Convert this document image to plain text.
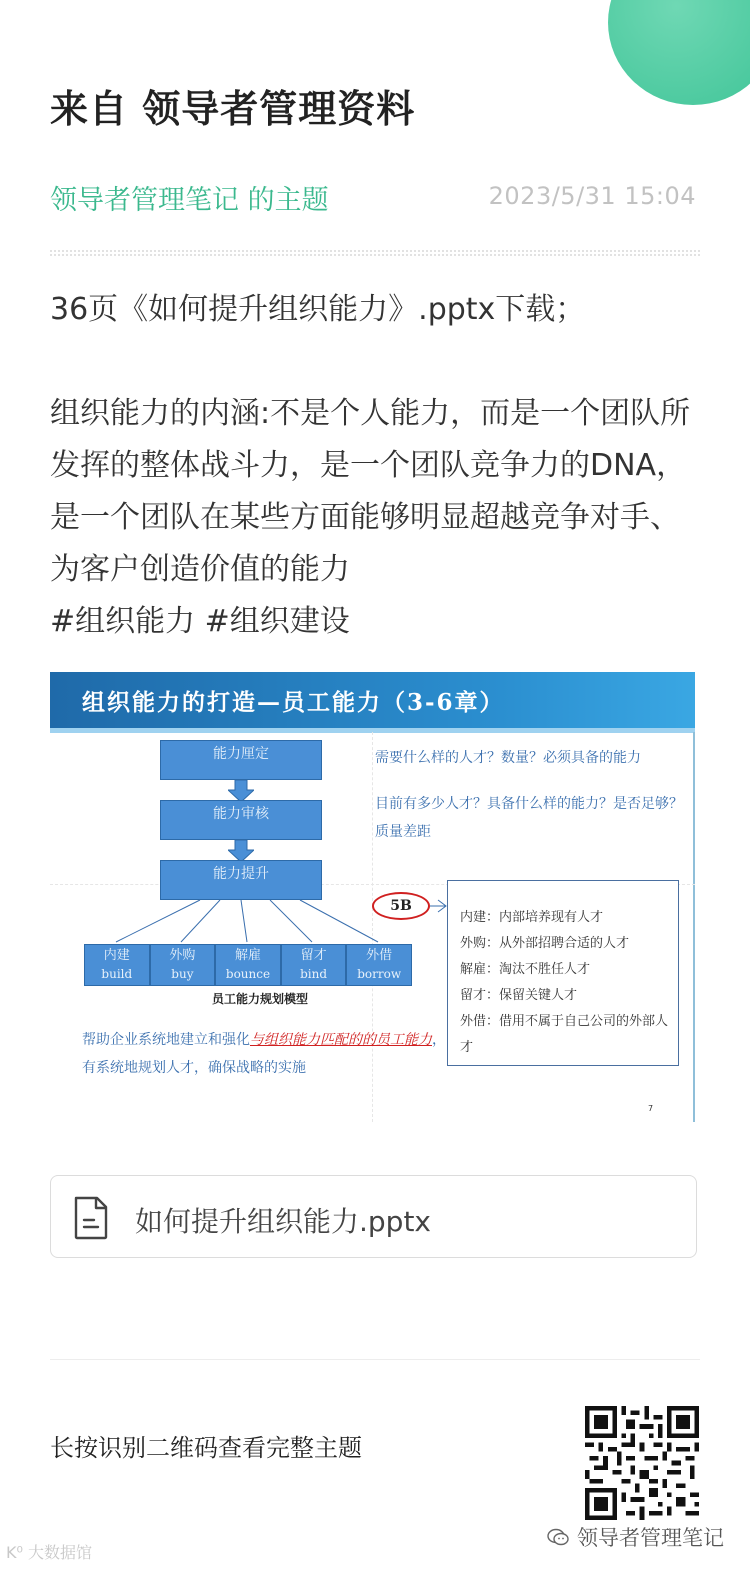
来自 领导者管理资料
领导者管理笔记 的主题	2023/5/31 15:04

36页《如何提升组织能力》.pptx下载；

组织能力的内涵:不是个人能力，而是一个团队所发挥的整体战斗力，是一个团队竞争力的DNA，是一个团队在某些方面能够明显超越竞争对手、为客户创造价值的能力

#组织能力 #组织建设

组织能力的打造—员工能力（3-6章）
能力厘定
能力审核
能力提升
内建
build
外购
buy
解雇
bounce
留才
bind
外借
borrow
员工能力规划模型
需要什么样的人才？数量？必须具备的能力
目前有多少人才？具备什么样的能力？是否足够？质量差距
5B
内建：内部培养现有人才
外购：从外部招聘合适的人才
解雇：淘汰不胜任人才
留才：保留关键人才
外借：借用不属于自己公司的外部人才
帮助企业系统地建立和强化与组织能力匹配的的员工能力，有系统地规划人才，确保战略的实施
7
如何提升组织能力.pptx
长按识别二维码查看完整主题
K⁰ 大数据馆
领导者管理笔记
